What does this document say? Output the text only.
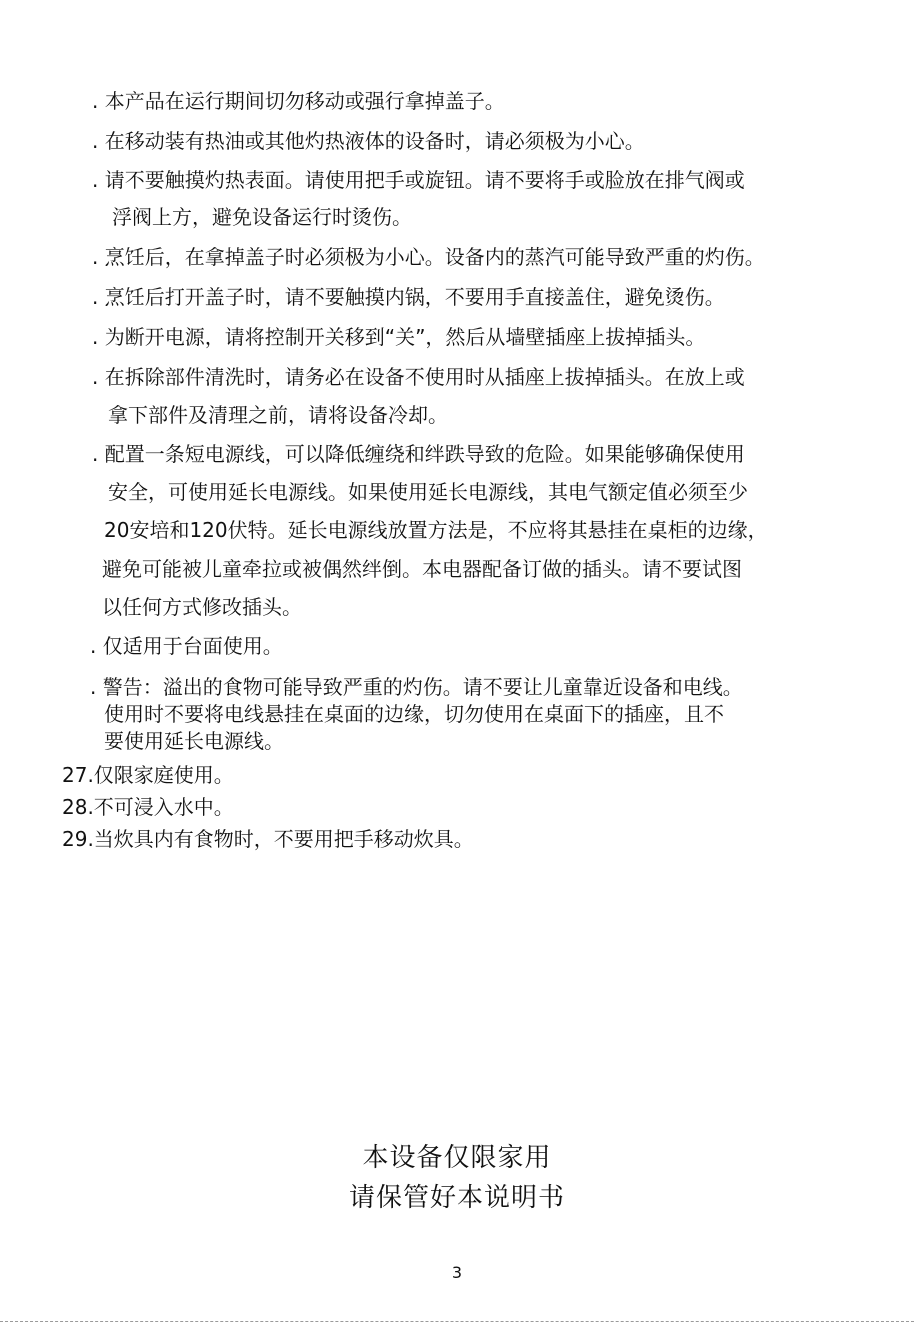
. 本产品在运行期间切勿移动或强行拿掉盖子。
. 在移动装有热油或其他灼热液体的设备时，请必须极为小心。
. 请不要触摸灼热表面。请使用把手或旋钮。请不要将手或脸放在排气阀或
浮阀上方，避免设备运行时烫伤。
. 烹饪后，在拿掉盖子时必须极为小心。设备内的蒸汽可能导致严重的灼伤。
. 烹饪后打开盖子时，请不要触摸内锅，不要用手直接盖住，避免烫伤。
. 为断开电源，请将控制开关移到“关”，然后从墙壁插座上拔掉插头。
. 在拆除部件清洗时，请务必在设备不使用时从插座上拔掉插头。在放上或
拿下部件及清理之前，请将设备冷却。
. 配置一条短电源线，可以降低缠绕和绊跌导致的危险。如果能够确保使用
安全，可使用延长电源线。如果使用延长电源线，其电气额定值必须至少
20安培和120伏特。延长电源线放置方法是，不应将其悬挂在桌柜的边缘，
避免可能被儿童牵拉或被偶然绊倒。本电器配备订做的插头。请不要试图
以任何方式修改插头。
. 仅适用于台面使用。
. 警告：溢出的食物可能导致严重的灼伤。请不要让儿童靠近设备和电线。
使用时不要将电线悬挂在桌面的边缘，切勿使用在桌面下的插座，且不
要使用延长电源线。
27.仅限家庭使用。
28.不可浸入水中。
29.当炊具内有食物时，不要用把手移动炊具。
本设备仅限家用
请保管好本说明书
3
